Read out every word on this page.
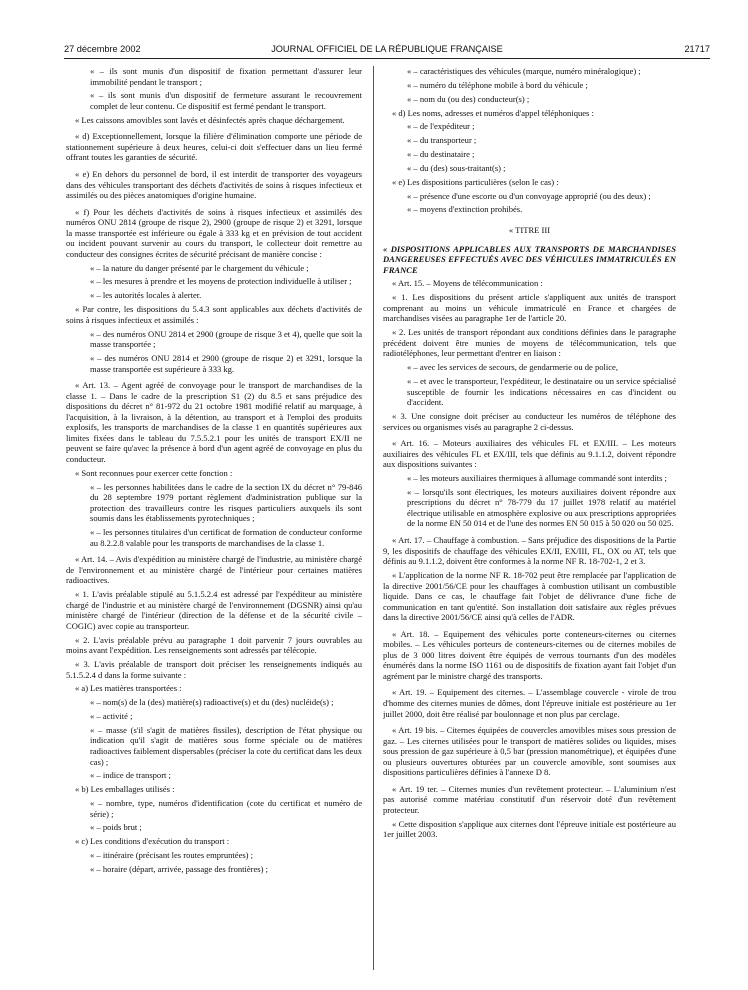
27 décembre 2002	JOURNAL OFFICIEL DE LA RÉPUBLIQUE FRANÇAISE	21717

« – ils sont munis d'un dispositif de fixation permettant d'assurer leur immobilité pendant le transport ;

« – ils sont munis d'un dispositif de fermeture assurant le recouvrement complet de leur contenu. Ce dispositif est fermé pendant le transport.

« Les caissons amovibles sont lavés et désinfectés après chaque déchargement.

« d) Exceptionnellement, lorsque la filière d'élimination comporte une période de stationnement supérieure à deux heures, celui-ci doit s'effectuer dans un lieu fermé offrant toutes les garanties de sécurité.

« e) En dehors du personnel de bord, il est interdit de transporter des voyageurs dans des véhicules transportant des déchets d'activités de soins à risques infectieux et assimilés ou des pièces anatomiques d'origine humaine.

« f) Pour les déchets d'activités de soins à risques infectieux et assimilés des numéros ONU 2814 (groupe de risque 2), 2900 (groupe de risque 2) et 3291, lorsque la masse transportée est inférieure ou égale à 333 kg et en prévision de tout accident ou incident pouvant survenir au cours du transport, le collecteur doit remettre au conducteur des consignes écrites de sécurité précisant de manière concise :

« – la nature du danger présenté par le chargement du véhicule ;

« – les mesures à prendre et les moyens de protection individuelle à utiliser ;

« – les autorités locales à alerter.

« Par contre, les dispositions du 5.4.3 sont applicables aux déchets d'activités de soins à risques infectieux et assimilés :

« – des numéros ONU 2814 et 2900 (groupe de risque 3 et 4), quelle que soit la masse transportée ;

« – des numéros ONU 2814 et 2900 (groupe de risque 2) et 3291, lorsque la masse transportée est supérieure à 333 kg.

« Art. 13. – Agent agréé de convoyage pour le transport de marchandises de la classe 1. – Dans le cadre de la prescription S1 (2) du 8.5 et sans préjudice des dispositions du décret n° 81-972 du 21 octobre 1981 modifié relatif au marquage, à l'acquisition, à la livraison, à la détention, au transport et à l'emploi des produits explosifs, les transports de marchandises de la classe 1 en quantités supérieures aux limites fixées dans le tableau du 7.5.5.2.1 pour les unités de transport EX/II ne peuvent se faire qu'avec la présence à bord d'un agent agréé de convoyage en plus du conducteur.

« Sont reconnues pour exercer cette fonction :

« – les personnes habilitées dans le cadre de la section IX du décret n° 79-846 du 28 septembre 1979 portant règlement d'administration publique sur la protection des travailleurs contre les risques particuliers auxquels ils sont soumis dans les établissements pyrotechniques ;

« – les personnes titulaires d'un certificat de formation de conducteur conforme au 8.2.2.8 valable pour les transports de marchandises de la classe 1.

« Art. 14. – Avis d'expédition au ministère chargé de l'industrie, au ministère chargé de l'environnement et au ministère chargé de l'intérieur pour certaines matières radioactives.

« 1. L'avis préalable stipulé au 5.1.5.2.4 est adressé par l'expéditeur au ministère chargé de l'industrie et au ministère chargé de l'environnement (DGSNR) ainsi qu'au ministère chargé de l'intérieur (direction de la défense et de la sécurité civile – COGIC) avec copie au transporteur.

« 2. L'avis préalable prévu au paragraphe 1 doit parvenir 7 jours ouvrables au moins avant l'expédition. Les renseignements sont adressés par télécopie.

« 3. L'avis préalable de transport doit préciser les renseignements indiqués au 5.1.5.2.4 d dans la forme suivante :

« a) Les matières transportées :

« – nom(s) de la (des) matière(s) radioactive(s) et du (des) nucléide(s) ;

« – activité ;

« – masse (s'il s'agit de matières fissiles), description de l'état physique ou indication qu'il s'agit de matières sous forme spéciale ou de matières radioactives faiblement dispersables (préciser la cote du certificat dans les deux cas) ;

« – indice de transport ;

« b) Les emballages utilisés :

« – nombre, type, numéros d'identification (cote du certificat et numéro de série) ;

« – poids brut ;

« c) Les conditions d'exécution du transport :

« – itinéraire (précisant les routes empruntées) ;

« – horaire (départ, arrivée, passage des frontières) ;

« – caractéristiques des véhicules (marque, numéro minéralogique) ;

« – numéro du téléphone mobile à bord du véhicule ;

« – nom du (ou des) conducteur(s) ;

« d) Les noms, adresses et numéros d'appel téléphoniques :

« – de l'expéditeur ;

« – du transporteur ;

« – du destinataire ;

« – du (des) sous-traitant(s) ;

« e) Les dispositions particulières (selon le cas) :

« – présence d'une escorte ou d'un convoyage approprié (ou des deux) ;

« – moyens d'extinction prohibés.

« TITRE III

« DISPOSITIONS APPLICABLES AUX TRANSPORTS DE MARCHANDISES DANGEREUSES EFFECTUÉS AVEC DES VÉHICULES IMMATRICULÉS EN FRANCE

« Art. 15. – Moyens de télécommunication :

« 1. Les dispositions du présent article s'appliquent aux unités de transport comprenant au moins un véhicule immatriculé en France et chargées de marchandises visées au paragraphe 1er de l'article 20.

« 2. Les unités de transport répondant aux conditions définies dans le paragraphe précédent doivent être munies de moyens de télécommunication, tels que radiotéléphones, leur permettant d'entrer en liaison :

« – avec les services de secours, de gendarmerie ou de police,

« – et avec le transporteur, l'expéditeur, le destinataire ou un service spécialisé susceptible de fournir les indications nécessaires en cas d'incident ou d'accident.

« 3. Une consigne doit préciser au conducteur les numéros de téléphone des services ou organismes visés au paragraphe 2 ci-dessus.

« Art. 16. – Moteurs auxiliaires des véhicules FL et EX/III. – Les moteurs auxiliaires des véhicules FL et EX/III, tels que définis au 9.1.1.2, doivent répondre aux dispositions suivantes :

« – les moteurs auxiliaires thermiques à allumage commandé sont interdits ;

« – lorsqu'ils sont électriques, les moteurs auxiliaires doivent répondre aux prescriptions du décret n° 78-779 du 17 juillet 1978 relatif au matériel électrique utilisable en atmosphère explosive ou aux prescriptions appropriées de la norme EN 50 014 et de l'une des normes EN 50 015 à 50 020 ou 50 025.

« Art. 17. – Chauffage à combustion. – Sans préjudice des dispositions de la Partie 9, les dispositifs de chauffage des véhicules EX/II, EX/III, FL, OX ou AT, tels que définis au 9.1.1.2, doivent être conformes à la norme NF R. 18-702-1, 2 et 3.

« L'application de la norme NF R. 18-702 peut être remplacée par l'application de la directive 2001/56/CE pour les chauffages à combustion utilisant un combustible liquide. Dans ce cas, le chauffage fait l'objet de délivrance d'une fiche de communication en tant qu'entité. Son installation doit satisfaire aux règles prévues dans la directive 2001/56/CE ainsi qu'à celles de l'ADR.

« Art. 18. – Equipement des véhicules porte conteneurs-citernes ou citernes mobiles. – Les véhicules porteurs de conteneurs-citernes ou de citernes mobiles de plus de 3 000 litres doivent être équipés de verrous tournants d'un des modèles énumérés dans la norme ISO 1161 ou de dispositifs de fixation ayant fait l'objet d'un agrément par le ministre chargé des transports.

« Art. 19. – Equipement des citernes. – L'assemblage couvercle - virole de trou d'homme des citernes munies de dômes, dont l'épreuve initiale est postérieure au 1er juillet 2000, doit être réalisé par boulonnage et non plus par cerclage.

« Art. 19 bis. – Citernes équipées de couvercles amovibles mises sous pression de gaz. – Les citernes utilisées pour le transport de matières solides ou liquides, mises sous pression de gaz supérieure à 0,5 bar (pression manométrique), et équipées d'une ou plusieurs ouvertures obturées par un couvercle amovible, sont soumises aux dispositions particulières définies à l'annexe D 8.

« Art. 19 ter. – Citernes munies d'un revêtement protecteur. – L'aluminium n'est pas autorisé comme matériau constitutif d'un réservoir doté d'un revêtement protecteur.

« Cette disposition s'applique aux citernes dont l'épreuve initiale est postérieure au 1er juillet 2003.
